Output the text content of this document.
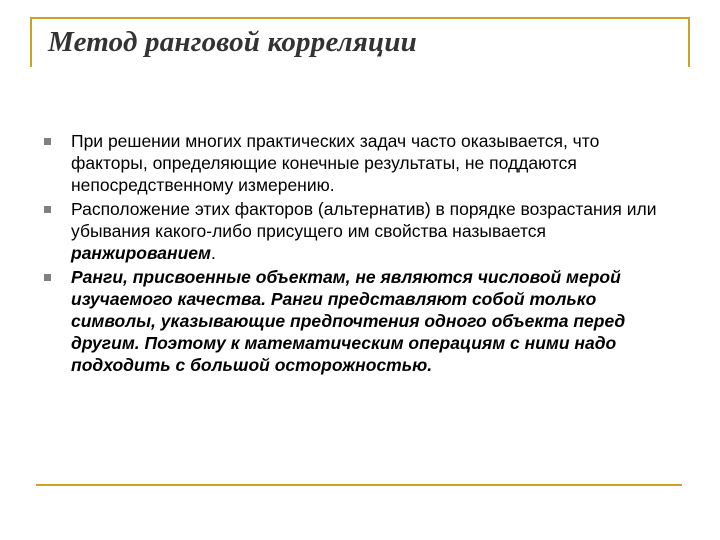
Метод ранговой корреляции
При решении многих практических задач часто оказывается, что факторы, определяющие конечные результаты, не поддаются непосредственному измерению.
Расположение этих факторов (альтернатив) в порядке возрастания или убывания какого-либо присущего им свойства называется ранжированием.
Ранги, присвоенные объектам, не являются числовой мерой изучаемого качества. Ранги представляют собой только символы, указывающие предпочтения одного объекта перед другим. Поэтому к математическим операциям с ними надо подходить с большой осторожностью.
